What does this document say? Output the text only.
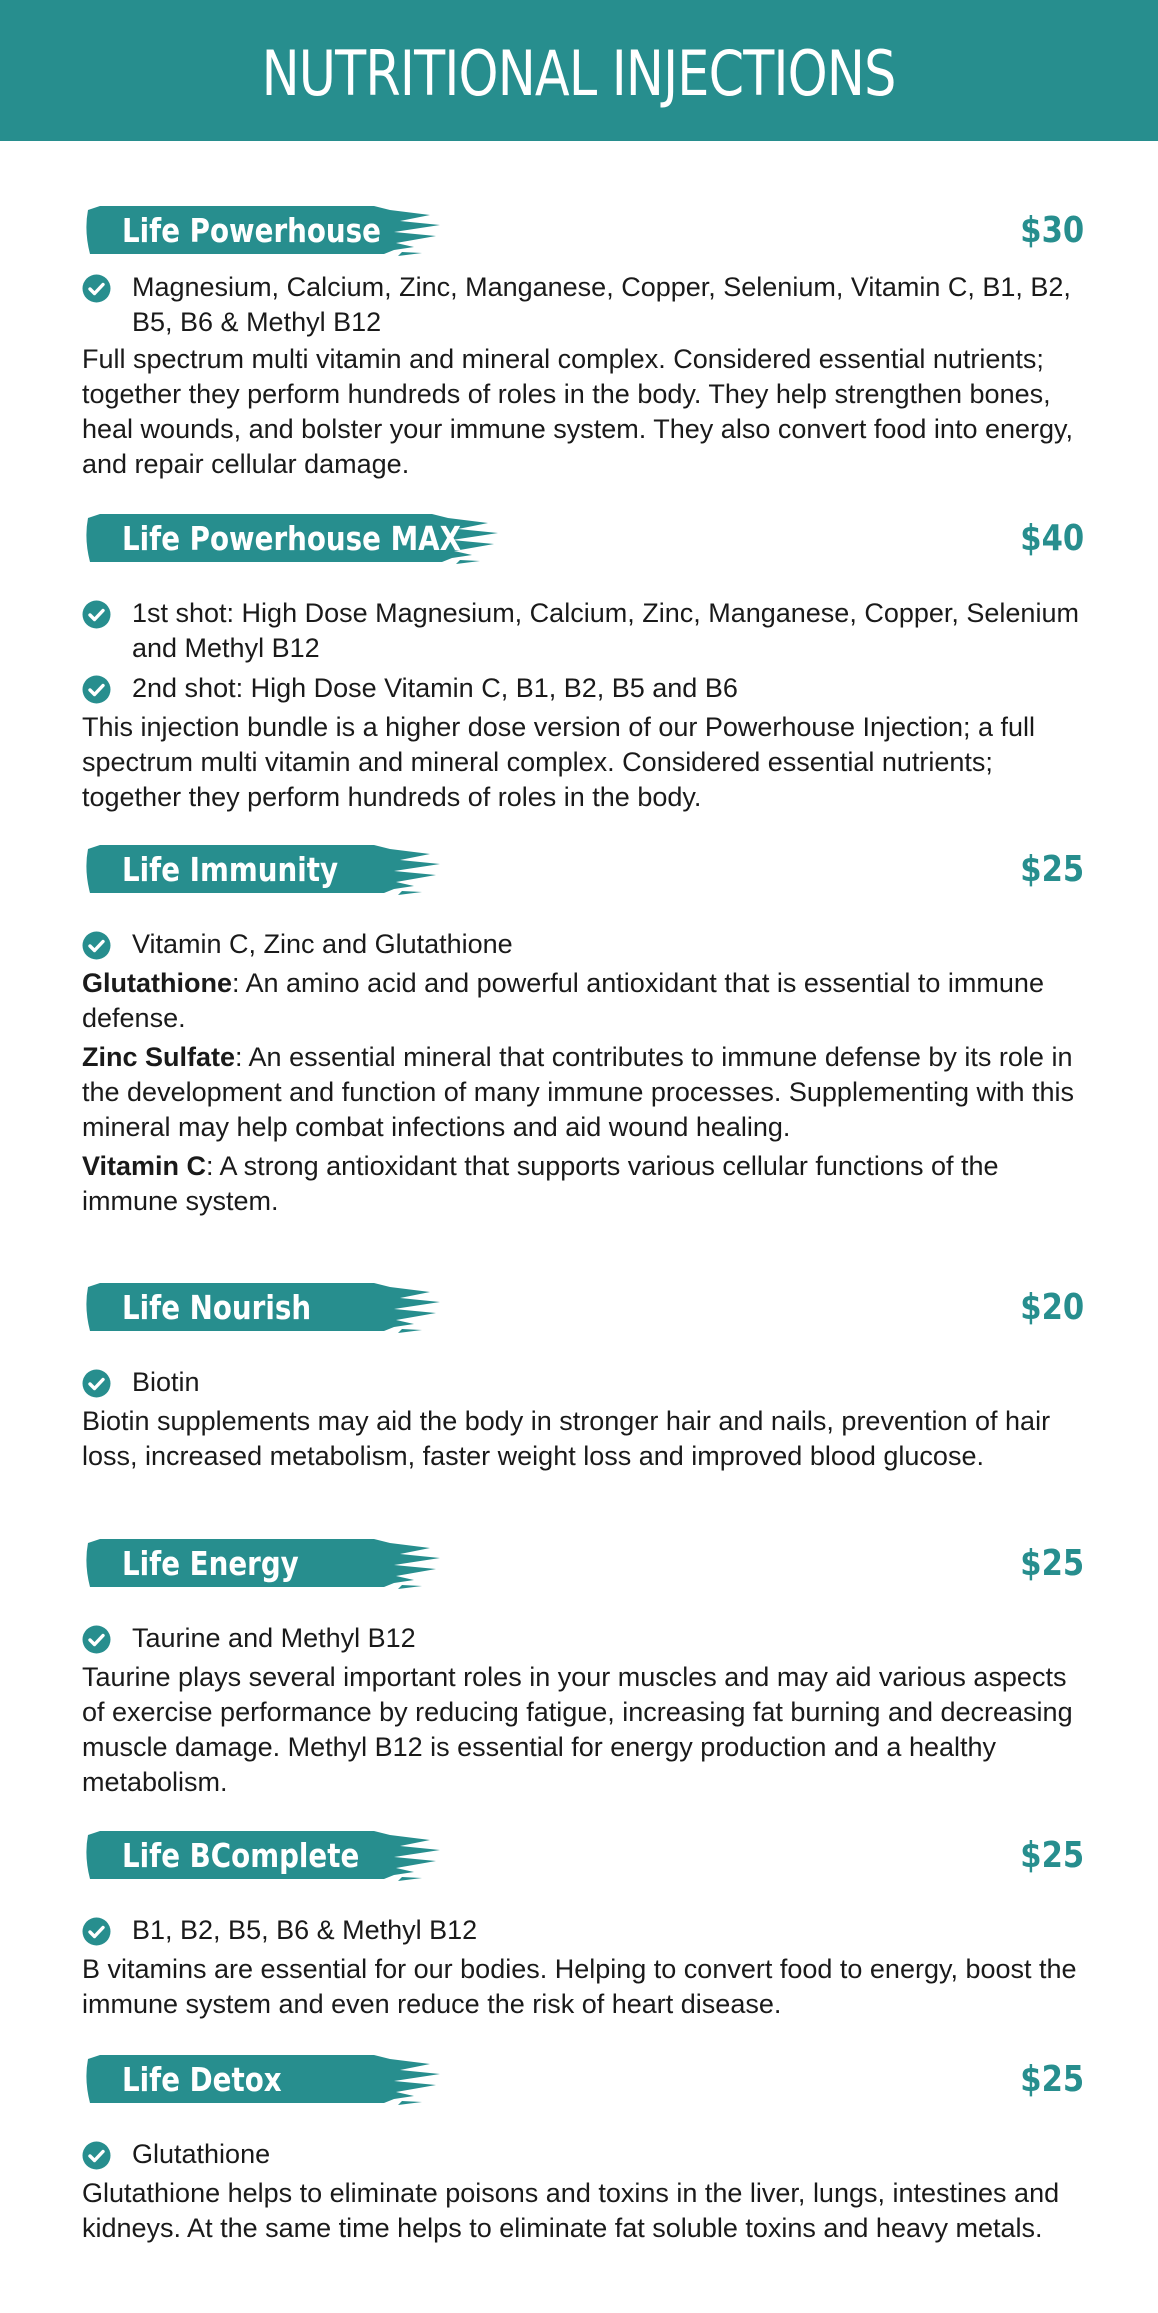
NUTRITIONAL INJECTIONS
Life Powerhouse	$30
Magnesium, Calcium, Zinc, Manganese, Copper, Selenium, Vitamin C, B1, B2, B5, B6 & Methyl B12

Full spectrum multi vitamin and mineral complex. Considered essential nutrients; together they perform hundreds of roles in the body. They help strengthen bones, heal wounds, and bolster your immune system. They also convert food into energy, and repair cellular damage.

Life Powerhouse MAX	$40
1st shot: High Dose Magnesium, Calcium, Zinc, Manganese, Copper, Selenium and Methyl B12
2nd shot: High Dose Vitamin C, B1, B2, B5 and B6

This injection bundle is a higher dose version of our Powerhouse Injection; a full spectrum multi vitamin and mineral complex. Considered essential nutrients; together they perform hundreds of roles in the body.

Life Immunity	$25
Vitamin C, Zinc and Glutathione

Glutathione: An amino acid and powerful antioxidant that is essential to immune defense.

Zinc Sulfate: An essential mineral that contributes to immune defense by its role in the development and function of many immune processes. Supplementing with this mineral may help combat infections and aid wound healing.

Vitamin C: A strong antioxidant that supports various cellular functions of the immune system.

Life Nourish	$20
Biotin

Biotin supplements may aid the body in stronger hair and nails, prevention of hair loss, increased metabolism, faster weight loss and improved blood glucose.

Life Energy	$25
Taurine and Methyl B12

Taurine plays several important roles in your muscles and may aid various aspects of exercise performance by reducing fatigue, increasing fat burning and decreasing muscle damage. Methyl B12 is essential for energy production and a healthy metabolism.

Life BComplete	$25
B1, B2, B5, B6 & Methyl B12

B vitamins are essential for our bodies. Helping to convert food to energy, boost the immune system and even reduce the risk of heart disease.

Life Detox	$25
Glutathione

Glutathione helps to eliminate poisons and toxins in the liver, lungs, intestines and kidneys. At the same time helps to eliminate fat soluble toxins and heavy metals.
